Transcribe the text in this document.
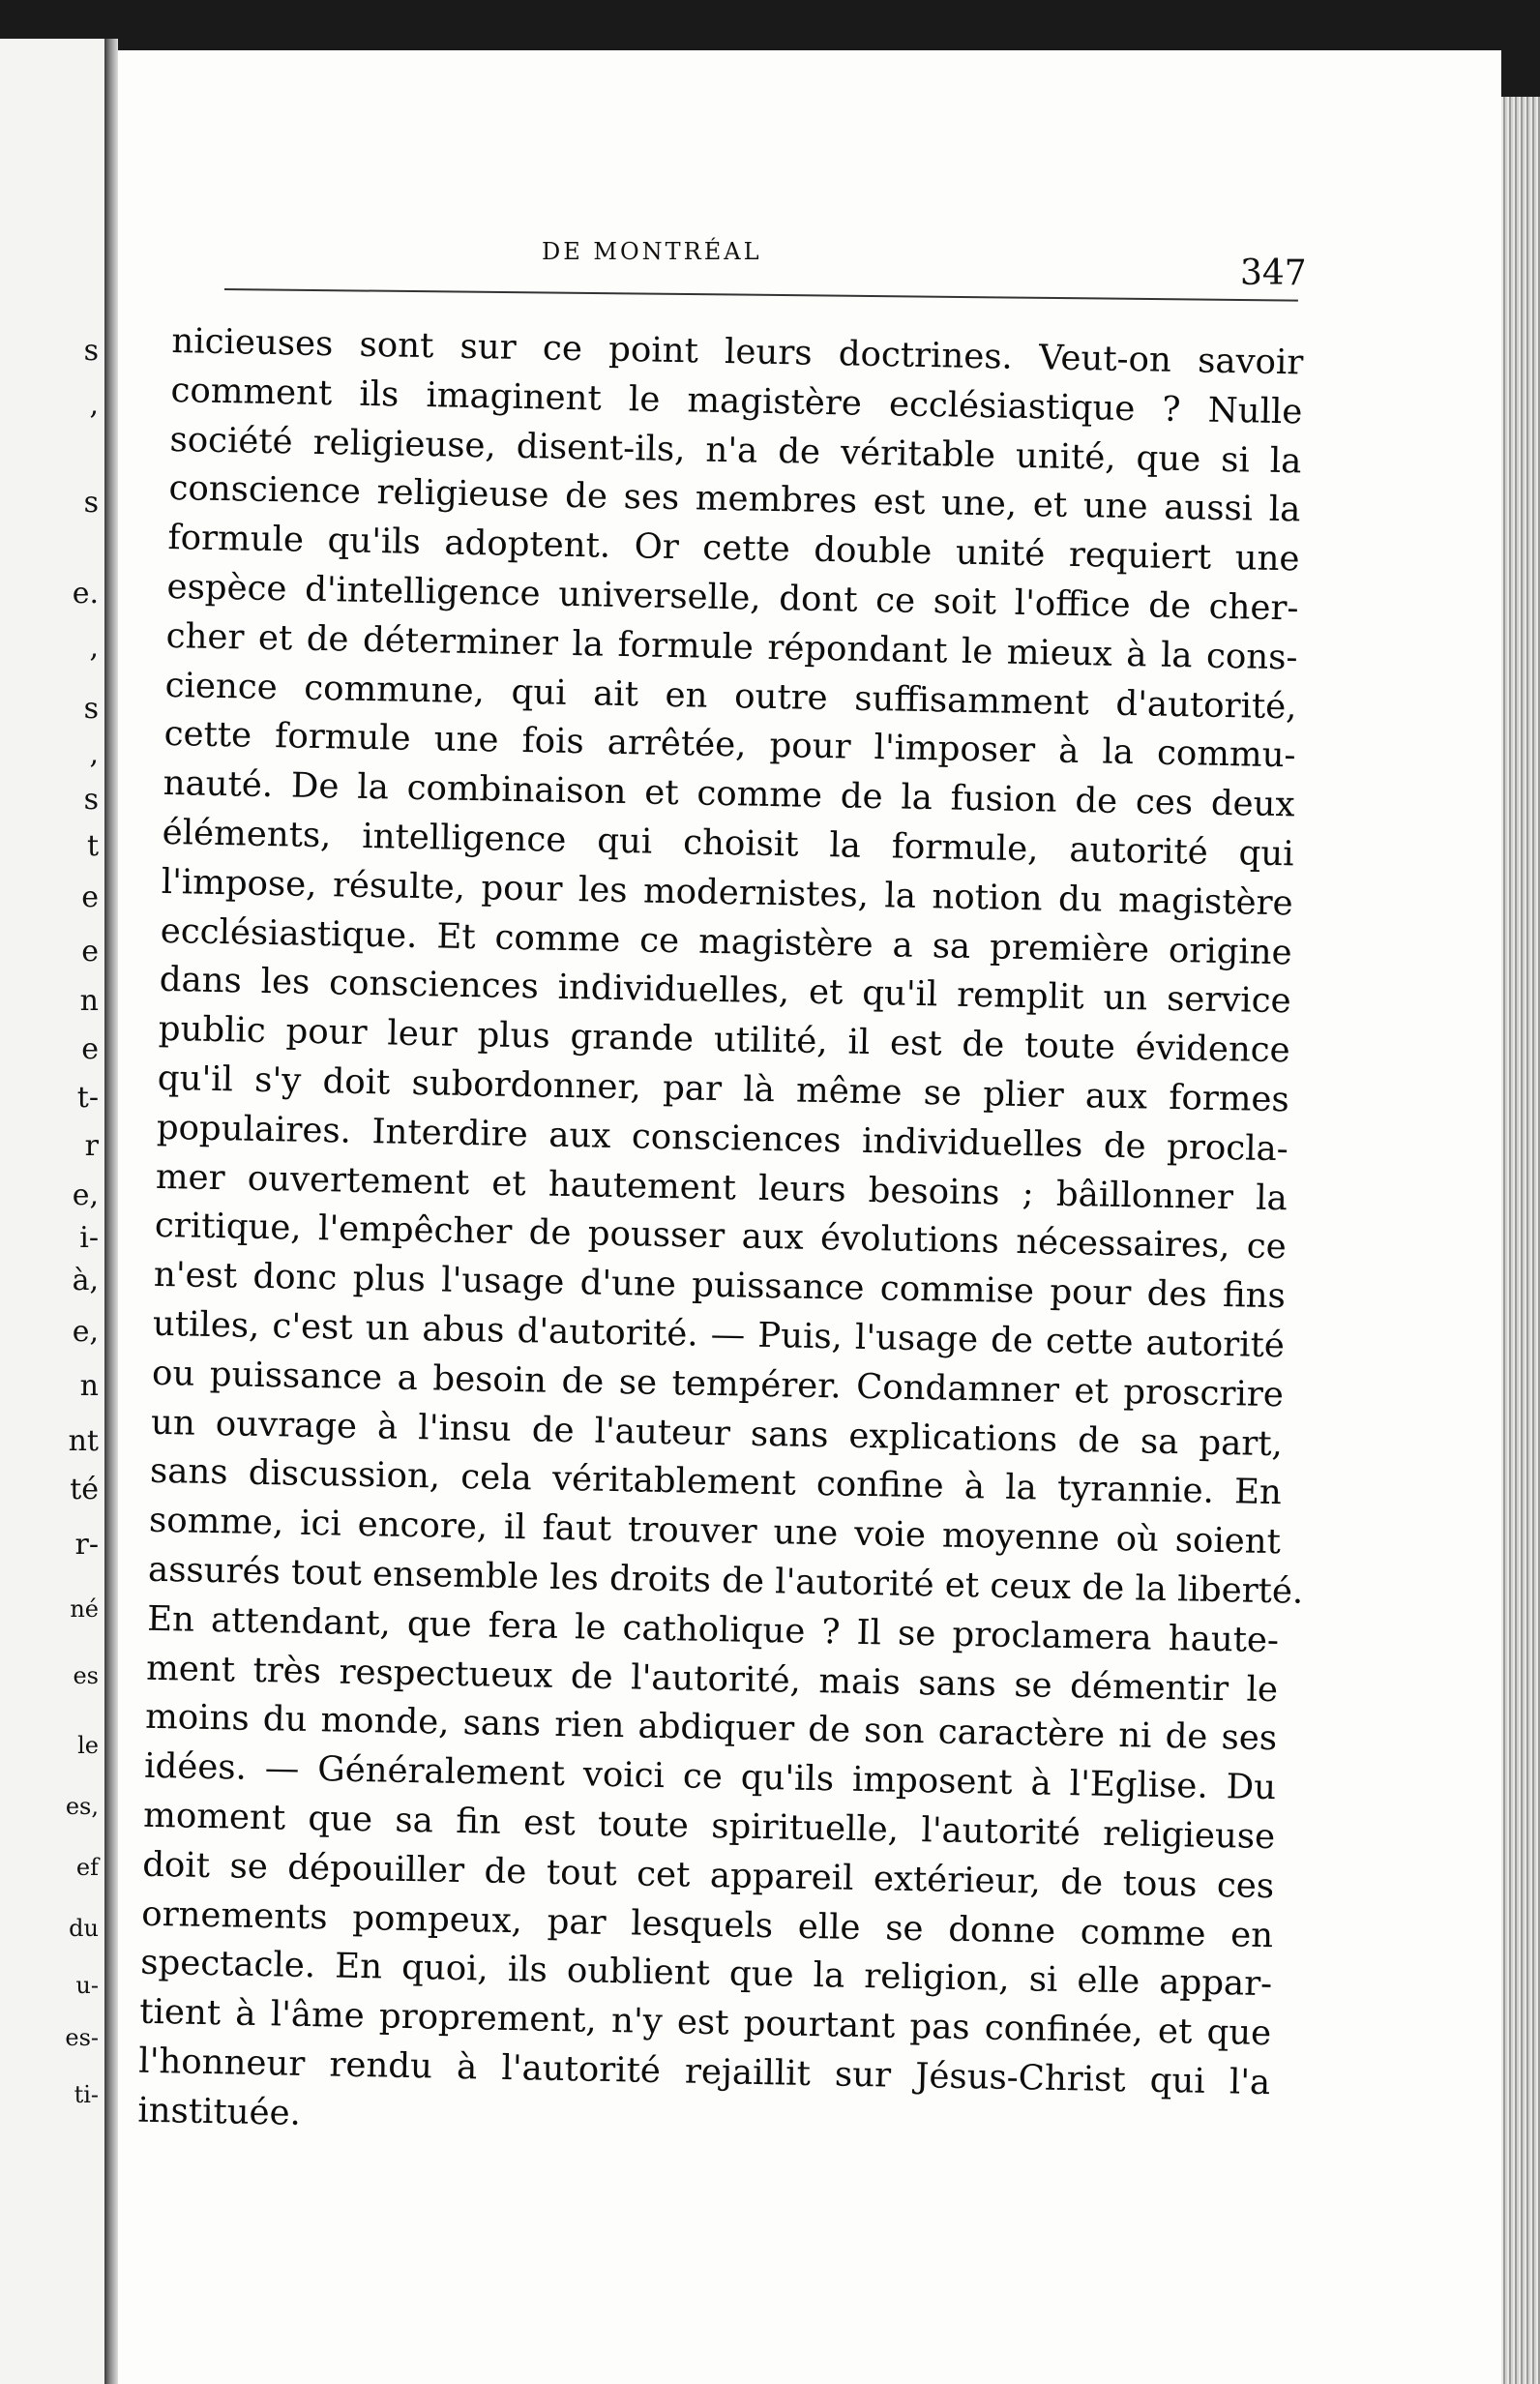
s
,
s
e.
,
s
,
s
t
e
e
n
e
t-
r
e,
i-
à,
e,
n
nt
té
r-
né
es
le
es,
ef
du
u-
es-
ti-
DE MONTRÉAL
347
nicieuses sont sur ce point leurs doctrines. Veut-on savoir
comment ils imaginent le magistère ecclésiastique ? Nulle
société religieuse, disent-ils, n'a de véritable unité, que si la
conscience religieuse de ses membres est une, et une aussi la
formule qu'ils adoptent. Or cette double unité requiert une
espèce d'intelligence universelle, dont ce soit l'office de cher-
cher et de déterminer la formule répondant le mieux à la cons-
cience commune, qui ait en outre suffisamment d'autorité,
cette formule une fois arrêtée, pour l'imposer à la commu-
nauté. De la combinaison et comme de la fusion de ces deux
éléments, intelligence qui choisit la formule, autorité qui
l'impose, résulte, pour les modernistes, la notion du magistère
ecclésiastique. Et comme ce magistère a sa première origine
dans les consciences individuelles, et qu'il remplit un service
public pour leur plus grande utilité, il est de toute évidence
qu'il s'y doit subordonner, par là même se plier aux formes
populaires. Interdire aux consciences individuelles de procla-
mer ouvertement et hautement leurs besoins ; bâillonner la
critique, l'empêcher de pousser aux évolutions nécessaires, ce
n'est donc plus l'usage d'une puissance commise pour des fins
utiles, c'est un abus d'autorité. — Puis, l'usage de cette autorité
ou puissance a besoin de se tempérer. Condamner et proscrire
un ouvrage à l'insu de l'auteur sans explications de sa part,
sans discussion, cela véritablement confine à la tyrannie. En
somme, ici encore, il faut trouver une voie moyenne où soient
assurés tout ensemble les droits de l'autorité et ceux de la liberté.
En attendant, que fera le catholique ? Il se proclamera haute-
ment très respectueux de l'autorité, mais sans se démentir le
moins du monde, sans rien abdiquer de son caractère ni de ses
idées. — Généralement voici ce qu'ils imposent à l'Eglise. Du
moment que sa fin est toute spirituelle, l'autorité religieuse
doit se dépouiller de tout cet appareil extérieur, de tous ces
ornements pompeux, par lesquels elle se donne comme en
spectacle. En quoi, ils oublient que la religion, si elle appar-
tient à l'âme proprement, n'y est pourtant pas confinée, et que
l'honneur rendu à l'autorité rejaillit sur Jésus-Christ qui l'a
instituée.
